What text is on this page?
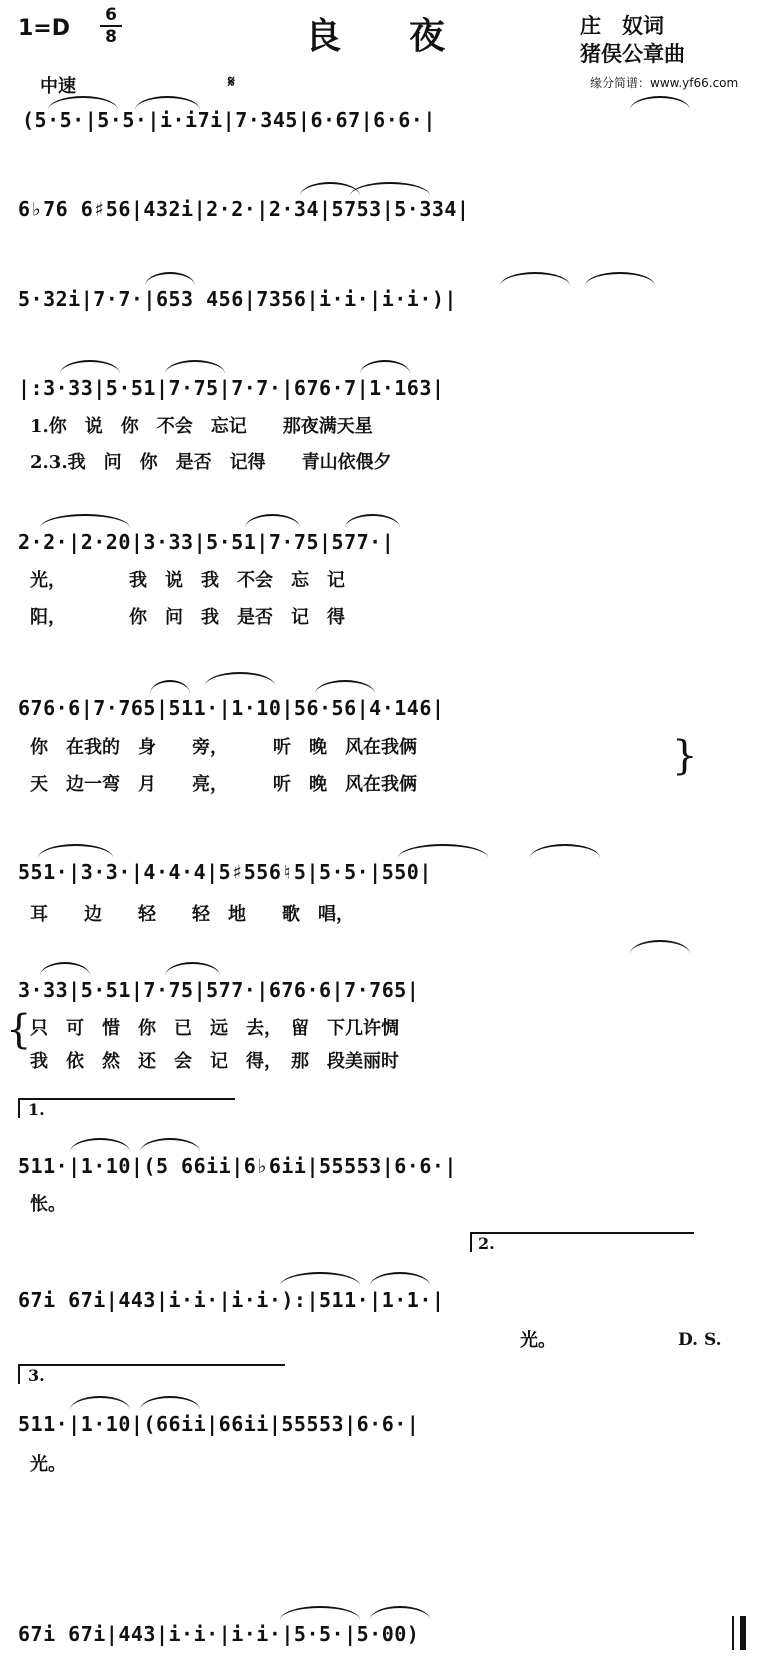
1=D
6
8	良夜	庄　奴词
猪俣公章曲
缘分简谱：www.yf66.com
中速	𝄋
(5·5·|5·5·|i·i7i|7·345|6·67|6·6·|
6♭76 6♯56|432i|2·2·|2·34|5753|5·334|
5·32i|7·7·|653 456|7356|i·i·|i·i·)|
|:3·33|5·51|7·75|7·7·|676·7|1·163|
1.你　说　你　不会　忘记　　那夜满天星
2.3.我　问　你　是否　记得　　青山依偎夕
2·2·|2·20|3·33|5·51|7·75|577·|
光，　　　　我　说　我　不会　忘　记
阳，　　　　你　问　我　是否　记　得
676·6|7·765|511·|1·10|56·56|4·146|
你　在我的　身　　旁，　　　听　晚　风在我俩
天　边一弯　月　　亮，　　　听　晚　风在我俩
}
551·|3·3·|4·4·4|5♯556♮5|5·5·|550|
耳　　边　　轻　　轻　地　　歌　唱，
3·33|5·51|7·75|577·|676·6|7·765|
只　可　惜　你　已　远　去，　留　下几许惆
我　依　然　还　会　记　得，　那　段美丽时
{
1.
511·|1·10|(5 66ii|6♭6ii|55553|6·6·|
怅。
67i 67i|443|i·i·|i·i·):|511·|1·1·|
2.
光。	D. S.
3.
511·|1·10|(66ii|66ii|55553|6·6·|
光。
67i 67i|443|i·i·|i·i·|5·5·|5·00)
